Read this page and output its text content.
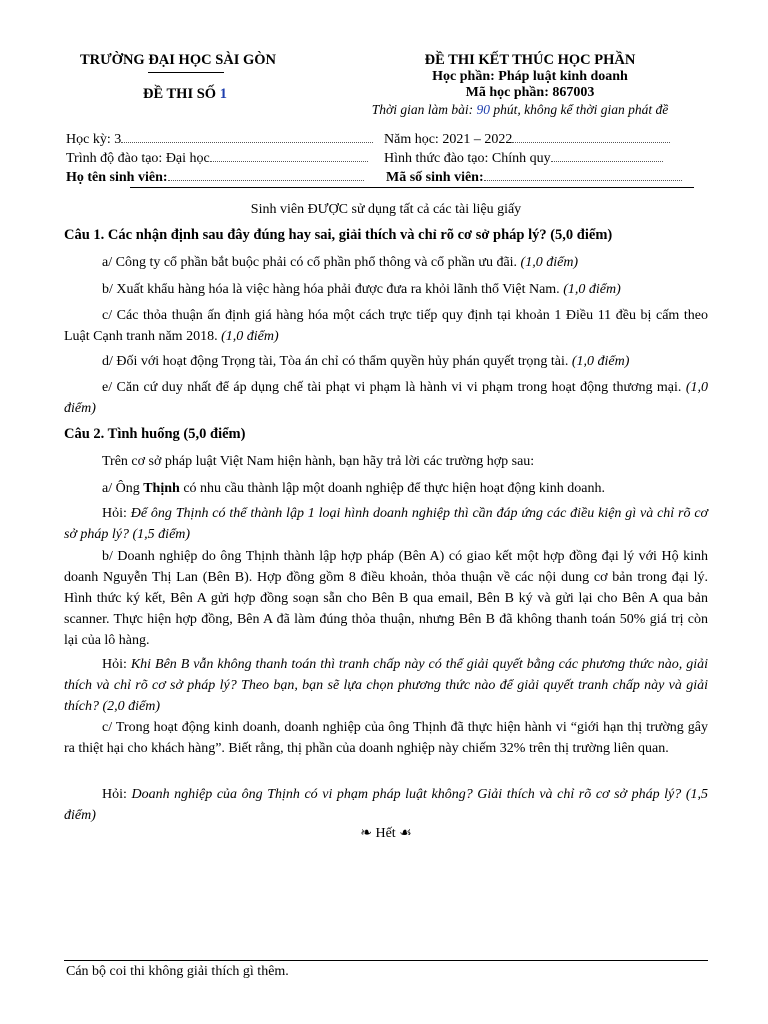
TRƯỜNG ĐẠI HỌC SÀI GÒN
ĐỀ THI SỐ 1
ĐỀ THI KẾT THÚC HỌC PHẦN
Học phần: Pháp luật kinh doanh
Mã học phần: 867003
Thời gian làm bài: 90 phút, không kể thời gian phát đề
Học kỳ: 3	Năm học: 2021 – 2022
Trình độ đào tạo: Đại học	Hình thức đào tạo: Chính quy
Họ tên sinh viên:	Mã số sinh viên:
Sinh viên ĐƯỢC sử dụng tất cả các tài liệu giấy
Câu 1. Các nhận định sau đây đúng hay sai, giải thích và chỉ rõ cơ sở pháp lý? (5,0 điểm)
a/ Công ty cổ phần bắt buộc phải có cổ phần phổ thông và cổ phần ưu đãi. (1,0 điểm)
b/ Xuất khẩu hàng hóa là việc hàng hóa phải được đưa ra khỏi lãnh thổ Việt Nam. (1,0 điểm)
c/ Các thỏa thuận ấn định giá hàng hóa một cách trực tiếp quy định tại khoản 1 Điều 11 đều bị cấm theo Luật Cạnh tranh năm 2018. (1,0 điểm)
d/ Đối với hoạt động Trọng tài, Tòa án chỉ có thẩm quyền hủy phán quyết trọng tài. (1,0 điểm)
e/ Căn cứ duy nhất để áp dụng chế tài phạt vi phạm là hành vi vi phạm trong hoạt động thương mại. (1,0 điểm)
Câu 2. Tình huống (5,0 điểm)
Trên cơ sở pháp luật Việt Nam hiện hành, bạn hãy trả lời các trường hợp sau:
a/ Ông Thịnh có nhu cầu thành lập một doanh nghiệp để thực hiện hoạt động kinh doanh.
Hỏi: Để ông Thịnh có thể thành lập 1 loại hình doanh nghiệp thì cần đáp ứng các điều kiện gì và chỉ rõ cơ sở pháp lý? (1,5 điểm)
b/ Doanh nghiệp do ông Thịnh thành lập hợp pháp (Bên A) có giao kết một hợp đồng đại lý với Hộ kinh doanh Nguyễn Thị Lan (Bên B). Hợp đồng gồm 8 điều khoản, thỏa thuận về các nội dung cơ bản trong đại lý. Hình thức ký kết, Bên A gửi hợp đồng soạn sẵn cho Bên B qua email, Bên B ký và gửi lại cho Bên A qua bản scanner. Thực hiện hợp đồng, Bên A đã làm đúng thỏa thuận, nhưng Bên B đã không thanh toán 50% giá trị còn lại của lô hàng.
Hỏi: Khi Bên B vẫn không thanh toán thì tranh chấp này có thể giải quyết bằng các phương thức nào, giải thích và chỉ rõ cơ sở pháp lý? Theo bạn, bạn sẽ lựa chọn phương thức nào để giải quyết tranh chấp này và giải thích? (2,0 điểm)
c/ Trong hoạt động kinh doanh, doanh nghiệp của ông Thịnh đã thực hiện hành vi “giới hạn thị trường gây ra thiệt hại cho khách hàng”. Biết rằng, thị phần của doanh nghiệp này chiếm 32% trên thị trường liên quan.
Hỏi: Doanh nghiệp của ông Thịnh có vi phạm pháp luật không? Giải thích và chỉ rõ cơ sở pháp lý? (1,5 điểm)
❧ Hết ☙
Cán bộ coi thi không giải thích gì thêm.
